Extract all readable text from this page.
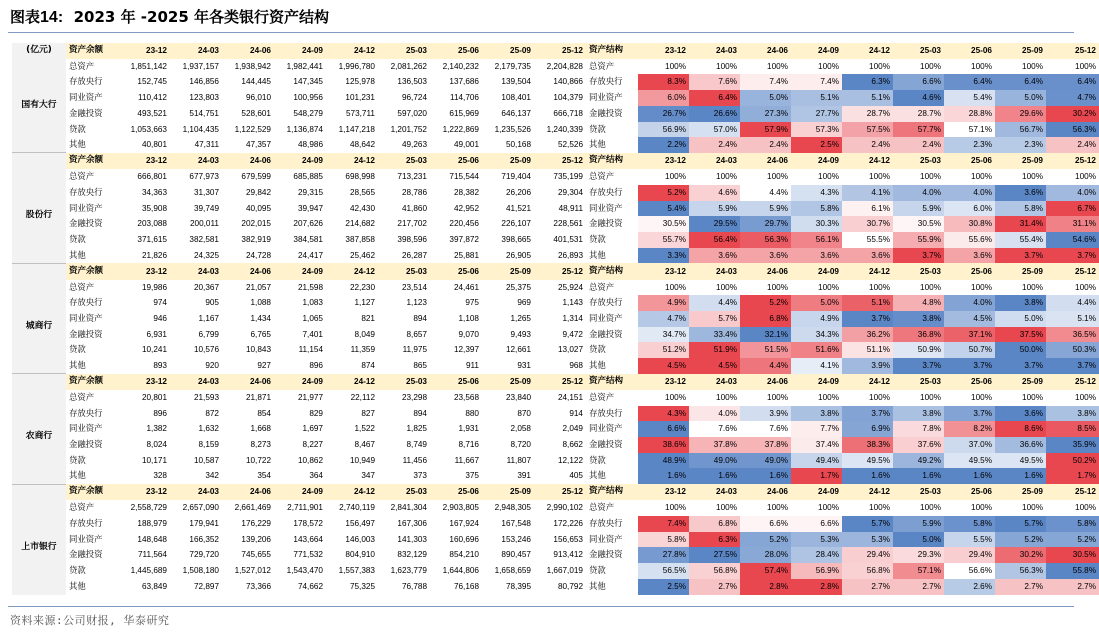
图表14: 2023 年 -2025 年各类银行资产结构
(亿元)	资产余额	23-12	24-03	24-06	24-09	24-12	25-03	25-06	25-09	25-12	资产结构	23-12	24-03	24-06	24-09	24-12	25-03	25-06	25-09	25-12
国有大行	总资产	1,851,142	1,937,157	1,938,942	1,982,441	1,996,780	2,081,262	2,140,232	2,179,735	2,204,828	总资产	100%	100%	100%	100%	100%	100%	100%	100%	100%
	存放央行	152,745	146,856	144,445	147,345	125,978	136,503	137,686	139,504	140,866	存放央行	8.3%	7.6%	7.4%	7.4%	6.3%	6.6%	6.4%	6.4%	6.4%
	同业资产	110,412	123,803	96,010	100,956	101,231	96,724	114,706	108,401	104,379	同业资产	6.0%	6.4%	5.0%	5.1%	5.1%	4.6%	5.4%	5.0%	4.7%
	金融投资	493,521	514,751	528,601	548,279	573,711	597,020	615,969	646,137	666,718	金融投资	26.7%	26.6%	27.3%	27.7%	28.7%	28.7%	28.8%	29.6%	30.2%
	贷款	1,053,663	1,104,435	1,122,529	1,136,874	1,147,218	1,201,752	1,222,869	1,235,526	1,240,339	贷款	56.9%	57.0%	57.9%	57.3%	57.5%	57.7%	57.1%	56.7%	56.3%
	其他	40,801	47,311	47,357	48,986	48,642	49,263	49,001	50,168	52,526	其他	2.2%	2.4%	2.4%	2.5%	2.4%	2.4%	2.3%	2.3%	2.4%
	资产余额	23-12	24-03	24-06	24-09	24-12	25-03	25-06	25-09	25-12	资产结构	23-12	24-03	24-06	24-09	24-12	25-03	25-06	25-09	25-12
股份行	总资产	666,801	677,973	679,599	685,885	698,998	713,231	715,544	719,404	735,199	总资产	100%	100%	100%	100%	100%	100%	100%	100%	100%
	存放央行	34,363	31,307	29,842	29,315	28,565	28,786	28,382	26,206	29,304	存放央行	5.2%	4.6%	4.4%	4.3%	4.1%	4.0%	4.0%	3.6%	4.0%
	同业资产	35,908	39,749	40,095	39,947	42,430	41,860	42,952	41,521	48,911	同业资产	5.4%	5.9%	5.9%	5.8%	6.1%	5.9%	6.0%	5.8%	6.7%
	金融投资	203,088	200,011	202,015	207,626	214,682	217,702	220,456	226,107	228,561	金融投资	30.5%	29.5%	29.7%	30.3%	30.7%	30.5%	30.8%	31.4%	31.1%
	贷款	371,615	382,581	382,919	384,581	387,858	398,596	397,872	398,665	401,531	贷款	55.7%	56.4%	56.3%	56.1%	55.5%	55.9%	55.6%	55.4%	54.6%
	其他	21,826	24,325	24,728	24,417	25,462	26,287	25,881	26,905	26,893	其他	3.3%	3.6%	3.6%	3.6%	3.6%	3.7%	3.6%	3.7%	3.7%
	资产余额	23-12	24-03	24-06	24-09	24-12	25-03	25-06	25-09	25-12	资产结构	23-12	24-03	24-06	24-09	24-12	25-03	25-06	25-09	25-12
城商行	总资产	19,986	20,367	21,057	21,598	22,230	23,514	24,461	25,375	25,924	总资产	100%	100%	100%	100%	100%	100%	100%	100%	100%
	存放央行	974	905	1,088	1,083	1,127	1,123	975	969	1,143	存放央行	4.9%	4.4%	5.2%	5.0%	5.1%	4.8%	4.0%	3.8%	4.4%
	同业资产	946	1,167	1,434	1,065	821	894	1,108	1,265	1,314	同业资产	4.7%	5.7%	6.8%	4.9%	3.7%	3.8%	4.5%	5.0%	5.1%
	金融投资	6,931	6,799	6,765	7,401	8,049	8,657	9,070	9,493	9,472	金融投资	34.7%	33.4%	32.1%	34.3%	36.2%	36.8%	37.1%	37.5%	36.5%
	贷款	10,241	10,576	10,843	11,154	11,359	11,975	12,397	12,661	13,027	贷款	51.2%	51.9%	51.5%	51.6%	51.1%	50.9%	50.7%	50.0%	50.3%
	其他	893	920	927	896	874	865	911	931	968	其他	4.5%	4.5%	4.4%	4.1%	3.9%	3.7%	3.7%	3.7%	3.7%
	资产余额	23-12	24-03	24-06	24-09	24-12	25-03	25-06	25-09	25-12	资产结构	23-12	24-03	24-06	24-09	24-12	25-03	25-06	25-09	25-12
农商行	总资产	20,801	21,593	21,871	21,977	22,112	23,298	23,568	23,840	24,151	总资产	100%	100%	100%	100%	100%	100%	100%	100%	100%
	存放央行	896	872	854	829	827	894	880	870	914	存放央行	4.3%	4.0%	3.9%	3.8%	3.7%	3.8%	3.7%	3.6%	3.8%
	同业资产	1,382	1,632	1,668	1,697	1,522	1,825	1,931	2,058	2,049	同业资产	6.6%	7.6%	7.6%	7.7%	6.9%	7.8%	8.2%	8.6%	8.5%
	金融投资	8,024	8,159	8,273	8,227	8,467	8,749	8,716	8,720	8,662	金融投资	38.6%	37.8%	37.8%	37.4%	38.3%	37.6%	37.0%	36.6%	35.9%
	贷款	10,171	10,587	10,722	10,862	10,949	11,456	11,667	11,807	12,122	贷款	48.9%	49.0%	49.0%	49.4%	49.5%	49.2%	49.5%	49.5%	50.2%
	其他	328	342	354	364	347	373	375	391	405	其他	1.6%	1.6%	1.6%	1.7%	1.6%	1.6%	1.6%	1.6%	1.7%
	资产余额	23-12	24-03	24-06	24-09	24-12	25-03	25-06	25-09	25-12	资产结构	23-12	24-03	24-06	24-09	24-12	25-03	25-06	25-09	25-12
上市银行	总资产	2,558,729	2,657,090	2,661,469	2,711,901	2,740,119	2,841,304	2,903,805	2,948,305	2,990,102	总资产	100%	100%	100%	100%	100%	100%	100%	100%	100%
	存放央行	188,979	179,941	176,229	178,572	156,497	167,306	167,924	167,548	172,226	存放央行	7.4%	6.8%	6.6%	6.6%	5.7%	5.9%	5.8%	5.7%	5.8%
	同业资产	148,648	166,352	139,206	143,664	146,003	141,303	160,696	153,246	156,653	同业资产	5.8%	6.3%	5.2%	5.3%	5.3%	5.0%	5.5%	5.2%	5.2%
	金融投资	711,564	729,720	745,655	771,532	804,910	832,129	854,210	890,457	913,412	金融投资	27.8%	27.5%	28.0%	28.4%	29.4%	29.3%	29.4%	30.2%	30.5%
	贷款	1,445,689	1,508,180	1,527,012	1,543,470	1,557,383	1,623,779	1,644,806	1,658,659	1,667,019	贷款	56.5%	56.8%	57.4%	56.9%	56.8%	57.1%	56.6%	56.3%	55.8%
	其他	63,849	72,897	73,366	74,662	75,325	76,788	76,168	78,395	80,792	其他	2.5%	2.7%	2.8%	2.8%	2.7%	2.7%	2.6%	2.7%	2.7%
资料来源:公司财报, 华泰研究
